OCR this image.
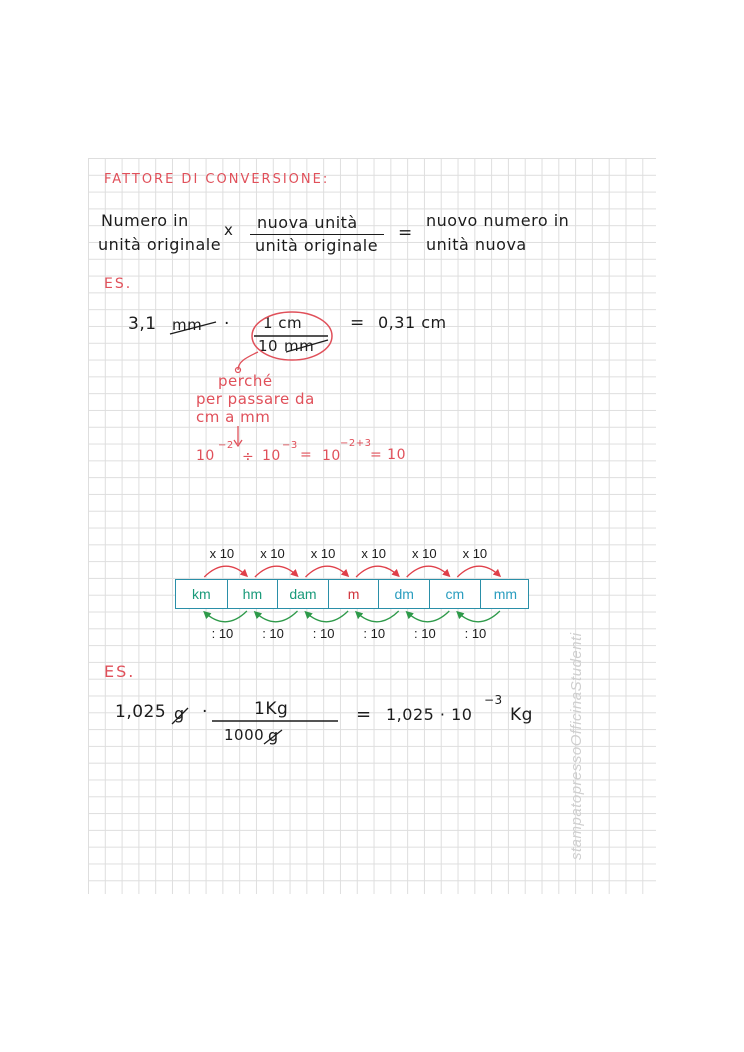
FATTORE DI CONVERSIONE:
Numero in
unità originale
x nuova unità
unità originale
=
nuovo numero in
unità nuova
ES.
3,1 mm · 1 cm
10 mm
= 0,31 cm
perché
per passare da
cm a mm
10
−2
÷ 10
−3
= 10
−2+3
= 10
km	hm	dam	m	dm	cm	mm
x 10 x 10 x 10 x 10 x 10 x 10
: 10 : 10 : 10 : 10 : 10 : 10
ES.
1,025 g ·	1Kg
1000 g
= 1,025 · 10
−3
Kg stampatopressoOfficinaStudenti
